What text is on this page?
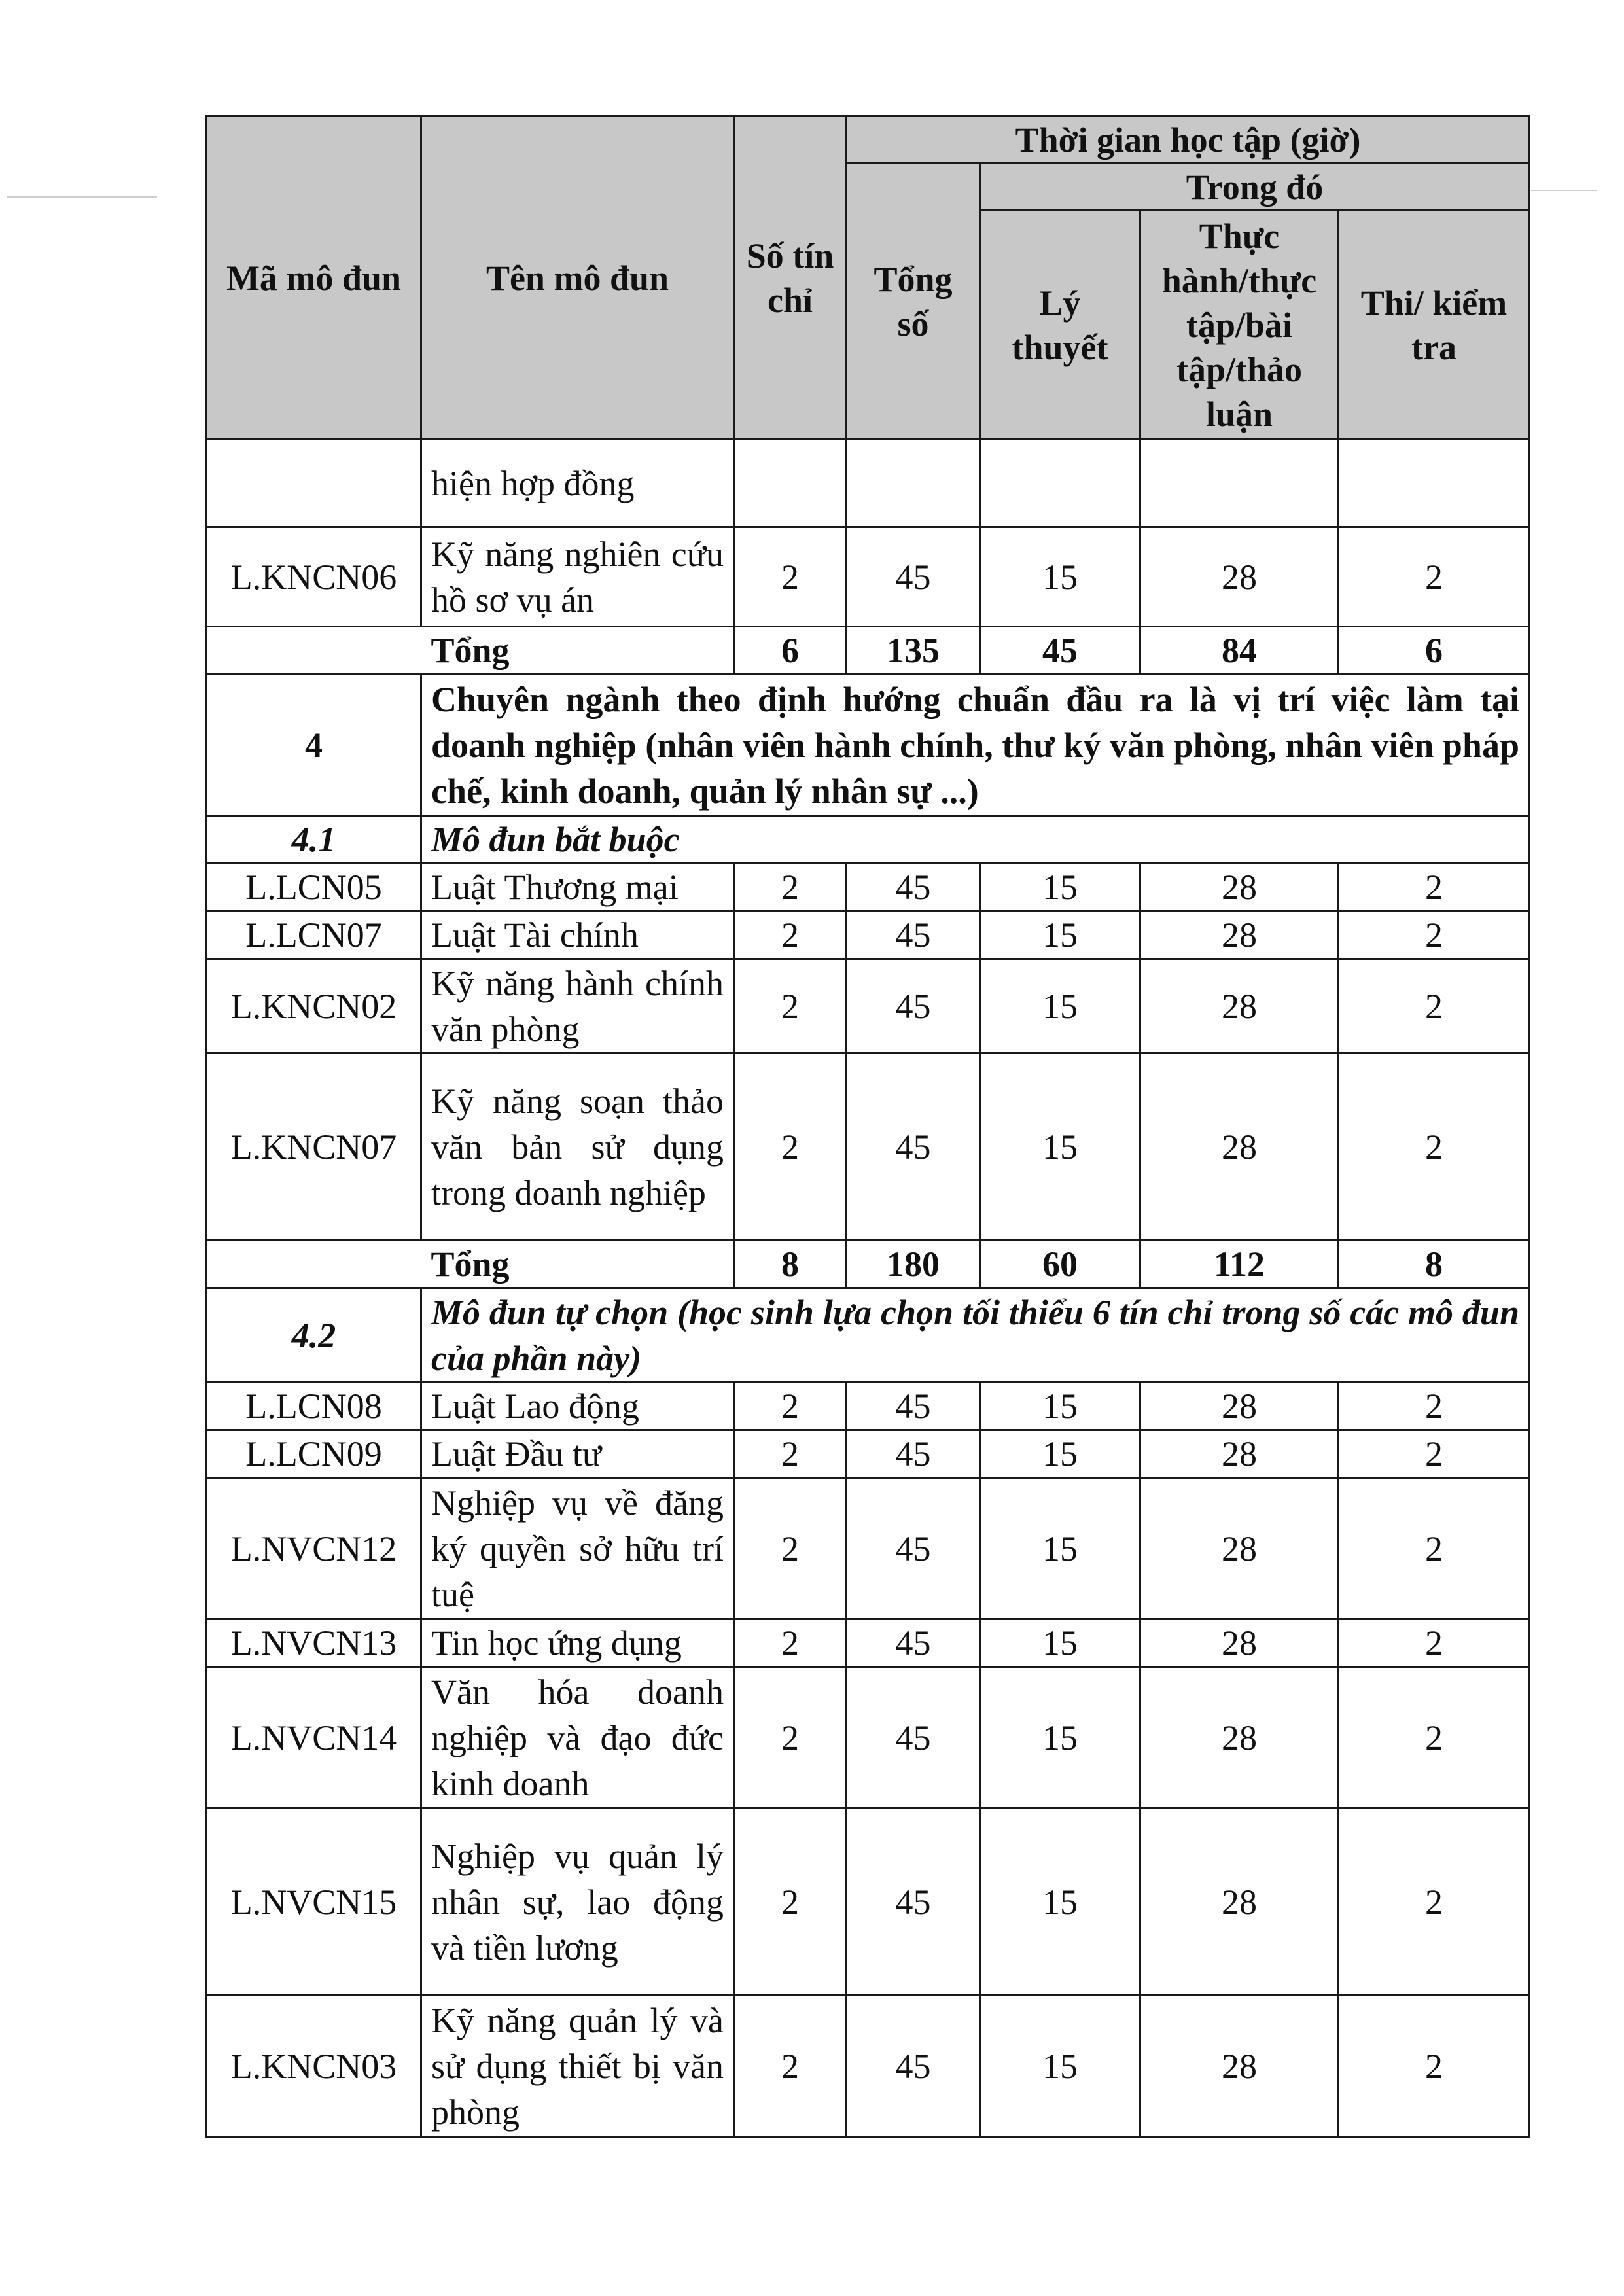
Mã mô đun	Tên mô đun	Số tín chỉ	Thời gian học tập (giờ)			
			Tổng số	Trong đó		
				Lý thuyết	Thực hành/thực tập/bài tập/thảo luận	Thi/ kiểm tra
	hiện hợp đồng					
L.KNCN06	Kỹ năng nghiên cứu hồ sơ vụ án	2	45	15	28	2
Tổng		6	135	45	84	6
4	Chuyên ngành theo định hướng chuẩn đầu ra là vị trí việc làm tại doanh nghiệp (nhân viên hành chính, thư ký văn phòng, nhân viên pháp chế, kinh doanh, quản lý nhân sự ...)					
4.1	Mô đun bắt buộc					
L.LCN05	Luật Thương mại	2	45	15	28	2
L.LCN07	Luật Tài chính	2	45	15	28	2
L.KNCN02	Kỹ năng hành chính văn phòng	2	45	15	28	2
L.KNCN07	Kỹ năng soạn thảo văn bản sử dụng trong doanh nghiệp	2	45	15	28	2
Tổng		8	180	60	112	8
4.2	Mô đun tự chọn (học sinh lựa chọn tối thiểu 6 tín chỉ trong số các mô đun của phần này)					
L.LCN08	Luật Lao động	2	45	15	28	2
L.LCN09	Luật Đầu tư	2	45	15	28	2
L.NVCN12	Nghiệp vụ về đăng ký quyền sở hữu trí tuệ	2	45	15	28	2
L.NVCN13	Tin học ứng dụng	2	45	15	28	2
L.NVCN14	Văn hóa doanh nghiệp và đạo đức kinh doanh	2	45	15	28	2
L.NVCN15	Nghiệp vụ quản lý nhân sự, lao động và tiền lương	2	45	15	28	2
L.KNCN03	Kỹ năng quản lý và sử dụng thiết bị văn phòng	2	45	15	28	2
